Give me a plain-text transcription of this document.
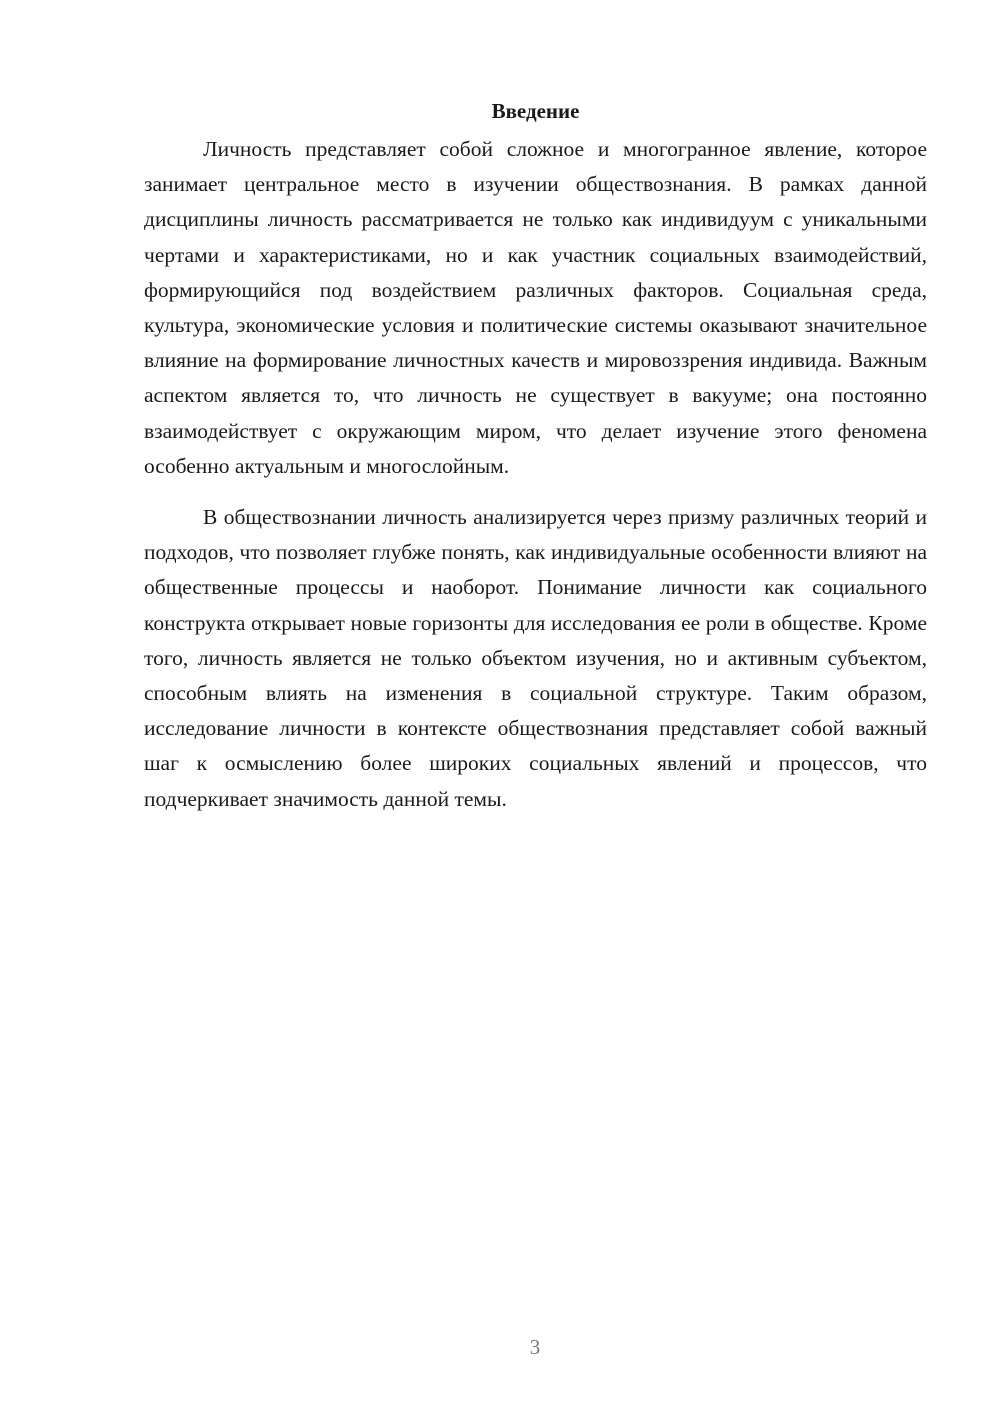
Введение

Личность представляет собой сложное и многогранное явление, которое занимает центральное место в изучении обществознания. В рамках данной дисциплины личность рассматривается не только как индивидуум с уникальными чертами и характеристиками, но и как участник социальных взаимодействий, формирующийся под воздействием различных факторов. Социальная среда, культура, экономические условия и политические системы оказывают значительное влияние на формирование личностных качеств и мировоззрения индивида. Важным аспектом является то, что личность не существует в вакууме; она постоянно взаимодействует с окружающим миром, что делает изучение этого феномена особенно актуальным и многослойным.

В обществознании личность анализируется через призму различных теорий и подходов, что позволяет глубже понять, как индивидуальные особенности влияют на общественные процессы и наоборот. Понимание личности как социального конструкта открывает новые горизонты для исследования ее роли в обществе. Кроме того, личность является не только объектом изучения, но и активным субъектом, способным влиять на изменения в социальной структуре. Таким образом, исследование личности в контексте обществознания представляет собой важный шаг к осмыслению более широких социальных явлений и процессов, что подчеркивает значимость данной темы.

3
